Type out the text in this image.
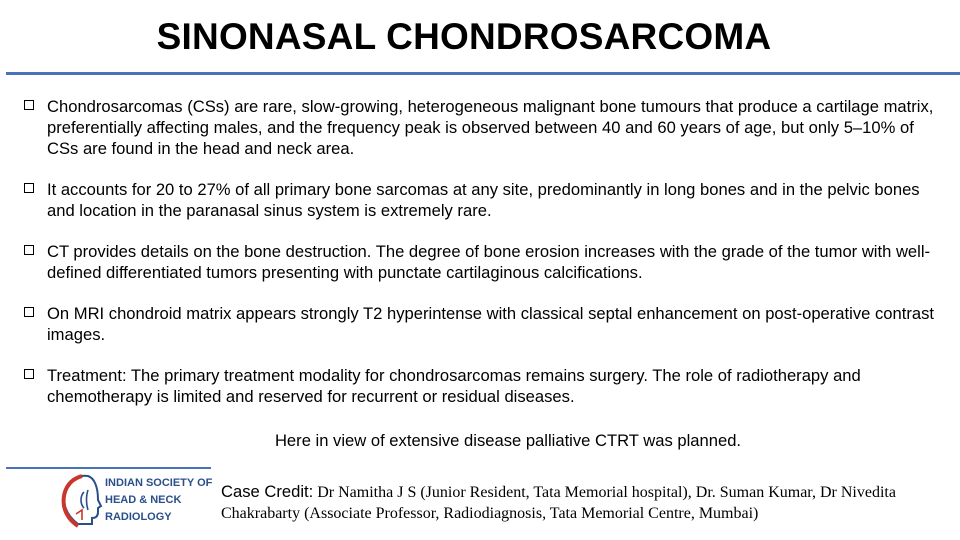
SINONASAL CHONDROSARCOMA
Chondrosarcomas (CSs) are rare, slow-growing, heterogeneous malignant bone tumours that produce a cartilage matrix, preferentially affecting males, and the frequency peak is observed between 40 and 60 years of age, but only 5–10% of CSs are found in the head and neck area.
It accounts for 20 to 27% of all primary bone sarcomas at any site, predominantly in long bones and in the pelvic bones and location in the paranasal sinus system is extremely rare.
CT provides details on the bone destruction. The degree of bone erosion increases with the grade of the tumor with well-defined differentiated tumors presenting with punctate cartilaginous calcifications.
On MRI chondroid matrix appears strongly T2 hyperintense with classical septal enhancement on post-operative contrast images.
Treatment: The primary treatment modality for chondrosarcomas remains surgery. The role of radiotherapy and chemotherapy is limited and reserved for recurrent or residual diseases.
Here in view of extensive disease palliative CTRT was planned.
INDIAN SOCIETY OF
HEAD & NECK
RADIOLOGY
Case Credit: Dr Namitha J S (Junior Resident, Tata Memorial hospital), Dr. Suman Kumar, Dr Nivedita Chakrabarty (Associate Professor, Radiodiagnosis, Tata Memorial Centre, Mumbai)
